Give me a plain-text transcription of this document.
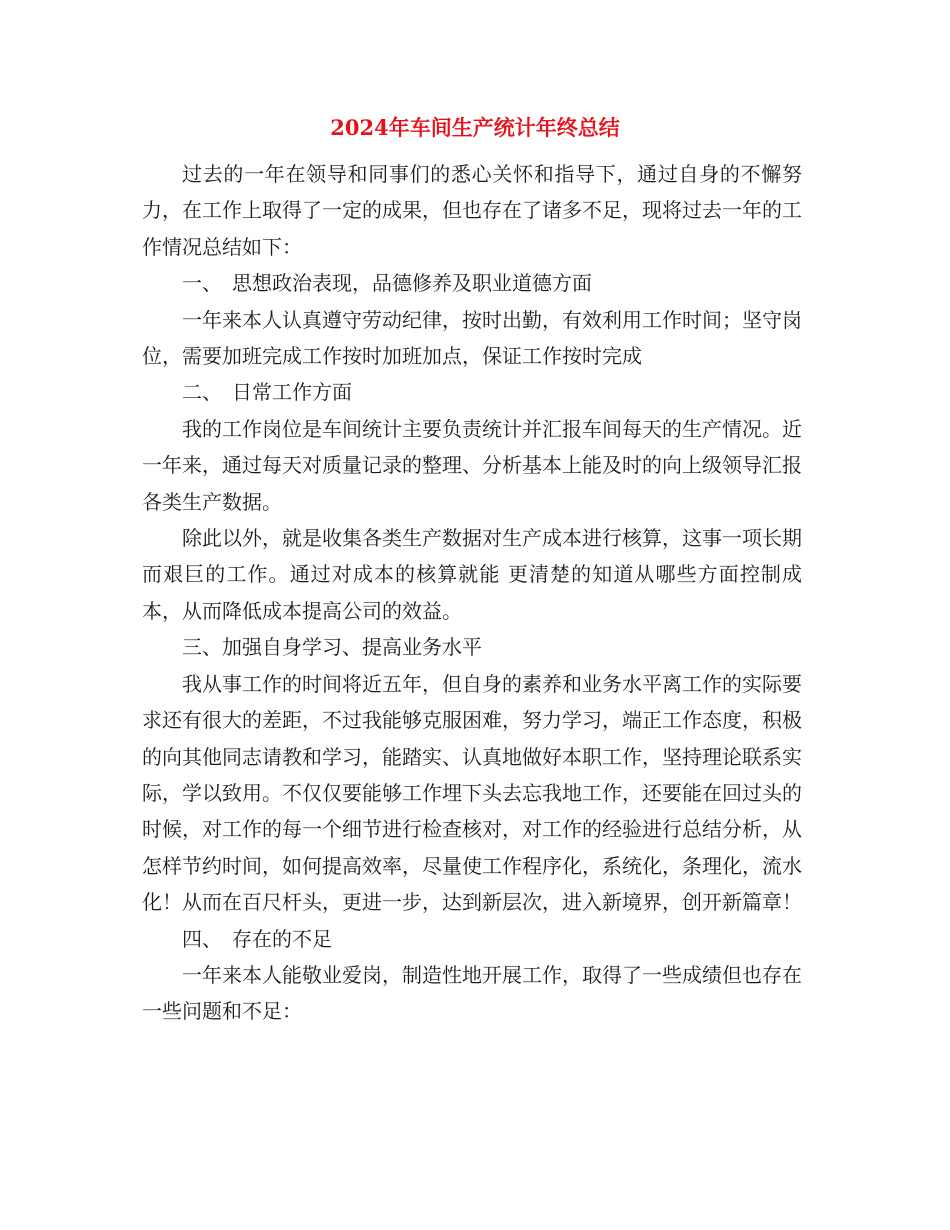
2024年车间生产统计年终总结

过去的一年在领导和同事们的悉心关怀和指导下，通过自身的不懈努力，在工作上取得了一定的成果，但也存在了诸多不足，现将过去一年的工作情况总结如下：

一、　思想政治表现，品德修养及职业道德方面

一年来本人认真遵守劳动纪律，按时出勤，有效利用工作时间；坚守岗位，需要加班完成工作按时加班加点，保证工作按时完成

二、　日常工作方面

我的工作岗位是车间统计主要负责统计并汇报车间每天的生产情况。近一年来，通过每天对质量记录的整理、分析基本上能及时的向上级领导汇报各类生产数据。

除此以外，就是收集各类生产数据对生产成本进行核算，这事一项长期而艰巨的工作。通过对成本的核算就能 更清楚的知道从哪些方面控制成本，从而降低成本提高公司的效益。

三、加强自身学习、提高业务水平

我从事工作的时间将近五年，但自身的素养和业务水平离工作的实际要求还有很大的差距，不过我能够克服困难，努力学习，端正工作态度，积极的向其他同志请教和学习，能踏实、认真地做好本职工作，坚持理论联系实际，学以致用。不仅仅要能够工作埋下头去忘我地工作，还要能在回过头的时候，对工作的每一个细节进行检查核对，对工作的经验进行总结分析，从怎样节约时间，如何提高效率，尽量使工作程序化，系统化，条理化，流水化！从而在百尺杆头，更进一步，达到新层次，进入新境界，创开新篇章！

四、　存在的不足

一年来本人能敬业爱岗，制造性地开展工作，取得了一些成绩但也存在一些问题和不足：
